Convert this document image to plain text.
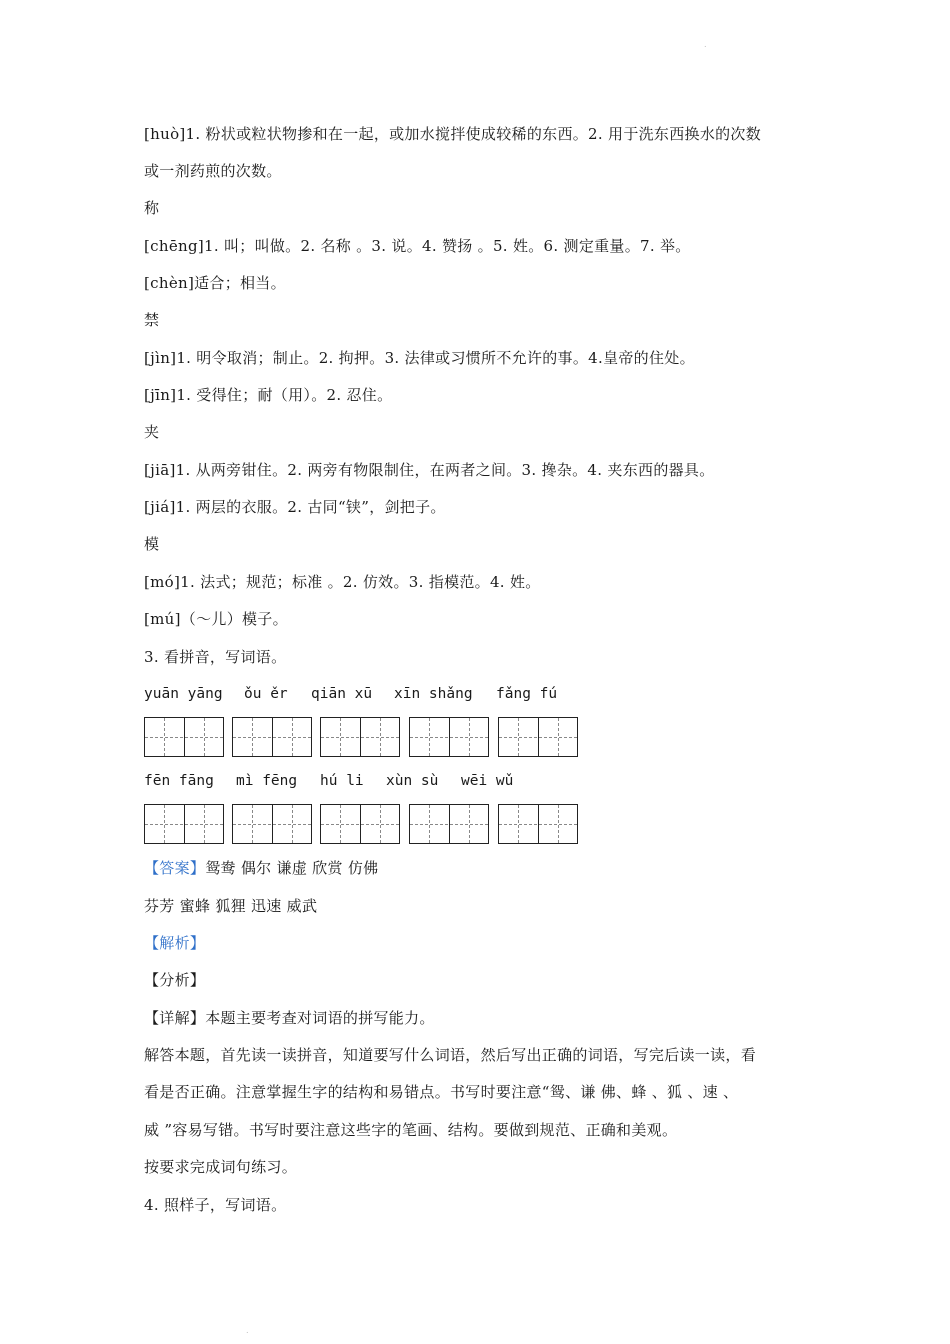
.
.
[huò]1. 粉状或粒状物掺和在一起，或加水搅拌使成较稀的东西。2. 用于洗东西换水的次数
或一剂药煎的次数。
称
[chēng]1. 叫；叫做。2. 名称 。3. 说。4. 赞扬 。5. 姓。6. 测定重量。7. 举。
[chèn]适合；相当。
禁
[jìn]1. 明令取消；制止。2. 拘押。3. 法律或习惯所不允许的事。4.皇帝的住处。
[jīn]1. 受得住；耐（用）。2. 忍住。
夹
[jiā]1. 从两旁钳住。2. 两旁有物限制住，在两者之间。3. 搀杂。4. 夹东西的器具。
[jiá]1. 两层的衣服。2. 古同“铗”，剑把子。
模
[mó]1. 法式；规范；标准 。2. 仿效。3. 指模范。4. 姓。
[mú]（～儿）模子。
3. 看拼音，写词语。
yuān yāng ǒu ěr qiān xū xīn shǎng fǎng fú
fēn fāng mì fēng hú li xùn sù wēi wǔ
【答案】鸳鸯 偶尔 谦虚 欣赏 仿佛
芬芳 蜜蜂 狐狸 迅速 威武
【解析】
【分析】
【详解】本题主要考查对词语的拼写能力。
解答本题，首先读一读拼音，知道要写什么词语，然后写出正确的词语，写完后读一读，看
看是否正确。注意掌握生字的结构和易错点。书写时要注意“鸳、谦 佛、蜂 、狐 、速 、
威 ”容易写错。书写时要注意这些字的笔画、结构。要做到规范、正确和美观。
按要求完成词句练习。
4. 照样子，写词语。
